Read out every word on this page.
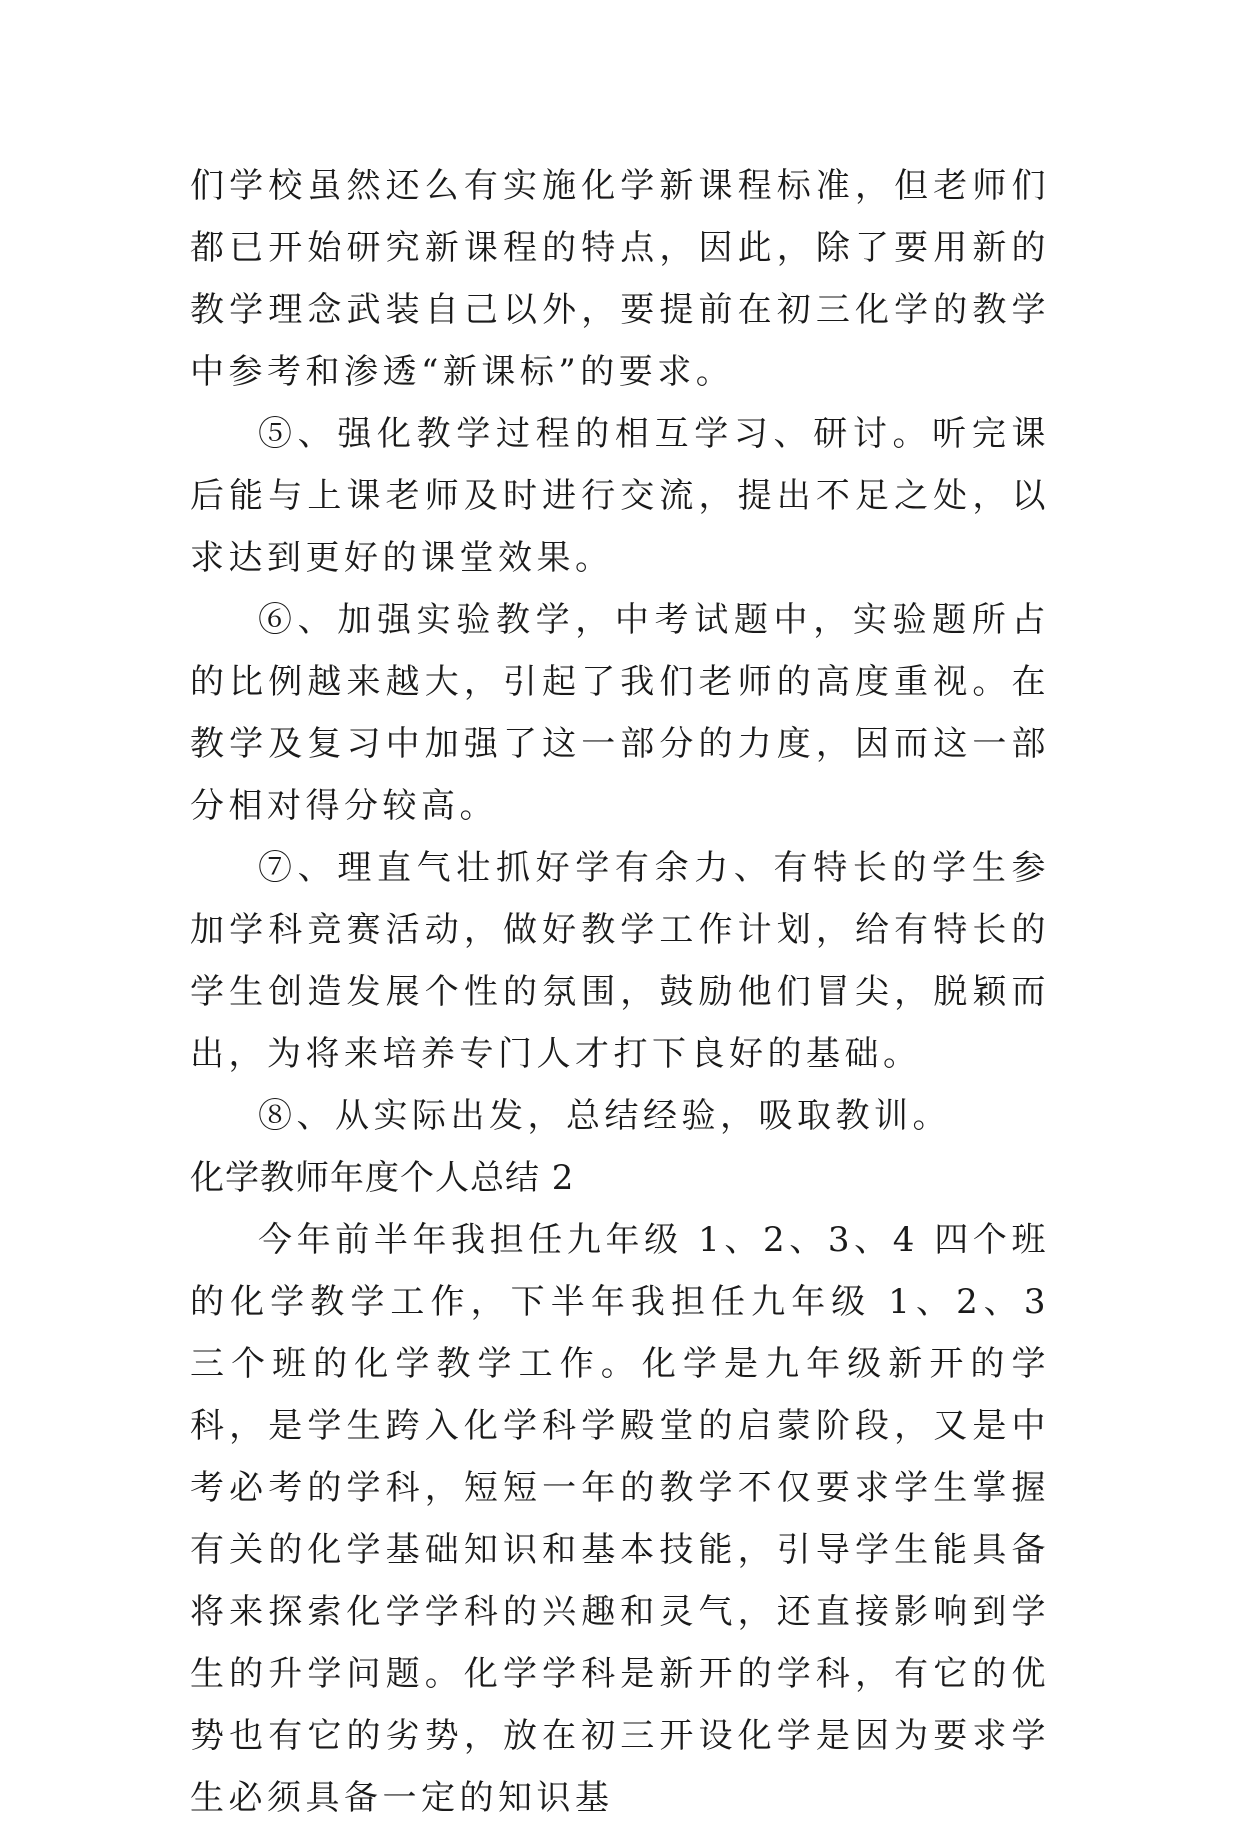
们学校虽然还么有实施化学新课程标准，但老师们都已开始研究新课程的特点，因此，除了要用新的教学理念武装自己以外，要提前在初三化学的教学中参考和渗透“新课标”的要求。

⑤、强化教学过程的相互学习、研讨。听完课后能与上课老师及时进行交流，提出不足之处，以求达到更好的课堂效果。

⑥、加强实验教学，中考试题中，实验题所占的比例越来越大，引起了我们老师的高度重视。在教学及复习中加强了这一部分的力度，因而这一部分相对得分较高。

⑦、理直气壮抓好学有余力、有特长的学生参加学科竞赛活动，做好教学工作计划，给有特长的学生创造发展个性的氛围，鼓励他们冒尖，脱颖而出，为将来培养专门人才打下良好的基础。

⑧、从实际出发，总结经验，吸取教训。

化学教师年度个人总结 2

今年前半年我担任九年级 1、2、3、4 四个班的化学教学工作，下半年我担任九年级 1、2、3 三个班的化学教学工作。化学是九年级新开的学科，是学生跨入化学科学殿堂的启蒙阶段，又是中考必考的学科，短短一年的教学不仅要求学生掌握有关的化学基础知识和基本技能，引导学生能具备将来探索化学学科的兴趣和灵气，还直接影响到学生的升学问题。化学学科是新开的学科，有它的优势也有它的劣势，放在初三开设化学是因为要求学生必须具备一定的知识基
